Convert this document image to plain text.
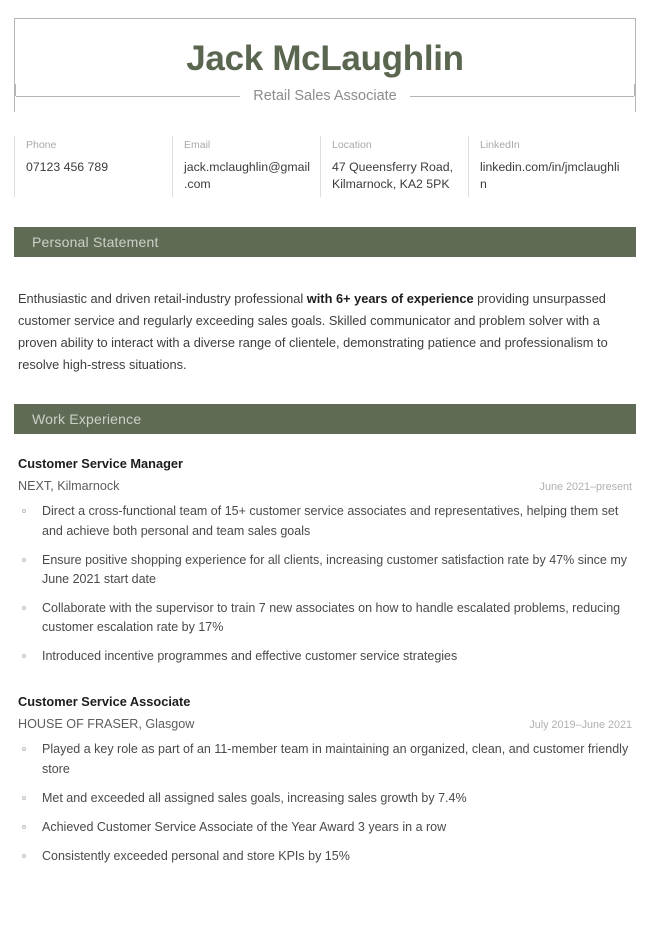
Jack McLaughlin
Retail Sales Associate
Phone
07123 456 789
Email
jack.mclaughlin@gmail.com
Location
47 Queensferry Road, Kilmarnock, KA2 5PK
LinkedIn
linkedin.com/in/jmclaughlin
Personal Statement

Enthusiastic and driven retail-industry professional with 6+ years of experience providing unsurpassed customer service and regularly exceeding sales goals. Skilled communicator and problem solver with a proven ability to interact with a diverse range of clientele, demonstrating patience and professionalism to resolve high-stress situations.

Work Experience
Customer Service Manager
NEXT, Kilmarnock	June 2021–present
Direct a cross-functional team of 15+ customer service associates and representatives, helping them set and achieve both personal and team sales goals
Ensure positive shopping experience for all clients, increasing customer satisfaction rate by 47% since my June 2021 start date
Collaborate with the supervisor to train 7 new associates on how to handle escalated problems, reducing customer escalation rate by 17%
Introduced incentive programmes and effective customer service strategies
Customer Service Associate
HOUSE OF FRASER, Glasgow	July 2019–June 2021
Played a key role as part of an 11-member team in maintaining an organized, clean, and customer friendly store
Met and exceeded all assigned sales goals, increasing sales growth by 7.4%
Achieved Customer Service Associate of the Year Award 3 years in a row
Consistently exceeded personal and store KPIs by 15%
